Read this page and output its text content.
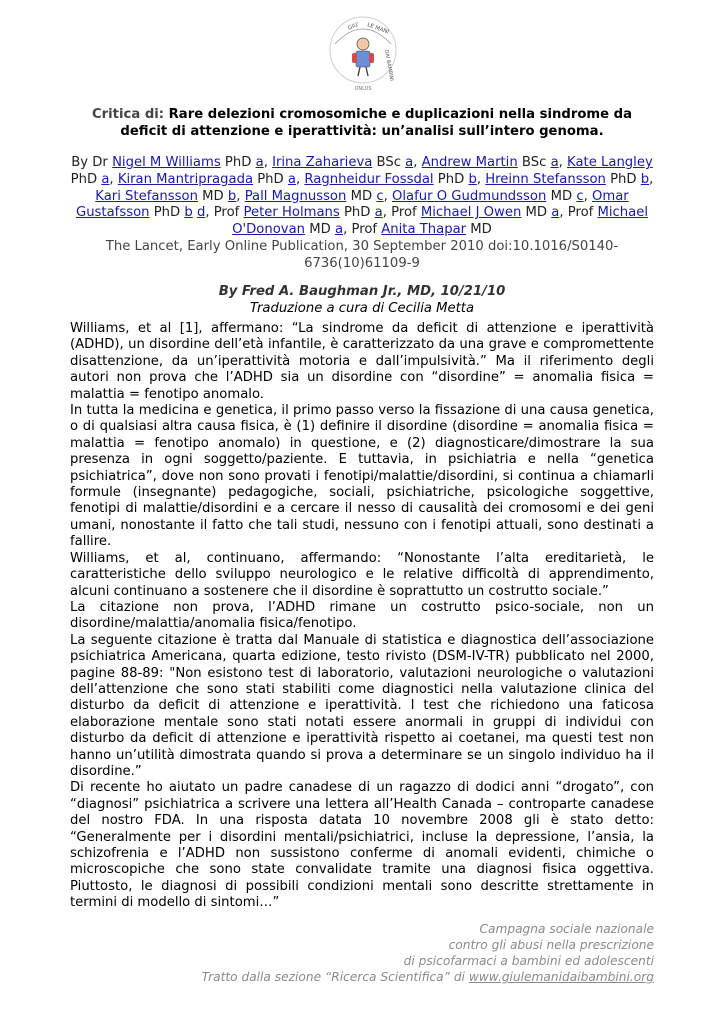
GIU' LE MANI
DAI BAMBINI
ONLUS
Critica di: Rare delezioni cromosomiche e duplicazioni nella sindrome da deficit di attenzione e iperattività: un’analisi sull’intero genoma.
By Dr Nigel M Williams PhD a, Irina Zaharieva BSc a, Andrew Martin BSc a, Kate Langley PhD a, Kiran Mantripragada PhD a, Ragnheidur Fossdal PhD b, Hreinn Stefansson PhD b, Kari Stefansson MD b, Pall Magnusson MD c, Olafur O Gudmundsson MD c, Omar Gustafsson PhD b d, Prof Peter Holmans PhD a, Prof Michael J Owen MD a, Prof Michael O'Donovan MD a, Prof Anita Thapar MD
The Lancet, Early Online Publication, 30 September 2010 doi:10.1016/S0140-6736(10)61109-9
By Fred A. Baughman Jr., MD, 10/21/10
Traduzione a cura di Cecilia Metta

Williams, et al [1], affermano: “La sindrome da deficit di attenzione e iperattività (ADHD), un disordine dell’età infantile, è caratterizzato da una grave e compromettente disattenzione, da un’iperattività motoria e dall’impulsività.” Ma il riferimento degli autori non prova che l’ADHD sia un disordine con “disordine” = anomalia fisica = malattia = fenotipo anomalo.

In tutta la medicina e genetica, il primo passo verso la fissazione di una causa genetica, o di qualsiasi altra causa fisica, è (1) definire il disordine (disordine = anomalia fisica = malattia = fenotipo anomalo) in questione, e (2) diagnosticare/dimostrare la sua presenza in ogni soggetto/paziente. E tuttavia, in psichiatria e nella “genetica psichiatrica”, dove non sono provati i fenotipi/malattie/disordini, si continua a chiamarli formule (insegnante) pedagogiche, sociali, psichiatriche, psicologiche soggettive, fenotipi di malattie/disordini e a cercare il nesso di causalità dei cromosomi e dei geni umani, nonostante il fatto che tali studi, nessuno con i fenotipi attuali, sono destinati a fallire.

Williams, et al, continuano, affermando: “Nonostante l’alta ereditarietà, le caratteristiche dello sviluppo neurologico e le relative difficoltà di apprendimento, alcuni continuano a sostenere che il disordine è soprattutto un costrutto sociale.”

La citazione non prova, l’ADHD rimane un costrutto psico-sociale, non un disordine/malattia/anomalia fisica/fenotipo.

La seguente citazione è tratta dal Manuale di statistica e diagnostica dell’associazione psichiatrica Americana, quarta edizione, testo rivisto (DSM-IV-TR) pubblicato nel 2000, pagine 88-89: "Non esistono test di laboratorio, valutazioni neurologiche o valutazioni dell’attenzione che sono stati stabiliti come diagnostici nella valutazione clinica del disturbo da deficit di attenzione e iperattività. I test che richiedono una faticosa elaborazione mentale sono stati notati essere anormali in gruppi di individui con disturbo da deficit di attenzione e iperattività rispetto ai coetanei, ma questi test non hanno un’utilità dimostrata quando si prova a determinare se un singolo individuo ha il disordine.”

Di recente ho aiutato un padre canadese di un ragazzo di dodici anni “drogato”, con “diagnosi” psichiatrica a scrivere una lettera all’Health Canada – controparte canadese del nostro FDA. In una risposta datata 10 novembre 2008 gli è stato detto: “Generalmente per i disordini mentali/psichiatrici, incluse la depressione, l’ansia, la schizofrenia e l’ADHD non sussistono conferme di anomali evidenti, chimiche o microscopiche che sono state convalidate tramite una diagnosi fisica oggettiva. Piuttosto, le diagnosi di possibili condizioni mentali sono descritte strettamente in termini di modello di sintomi…”

Campagna sociale nazionale
contro gli abusi nella prescrizione
di psicofarmaci a bambini ed adolescenti
Tratto dalla sezione “Ricerca Scientifica” di www.giulemanidaibambini.org
